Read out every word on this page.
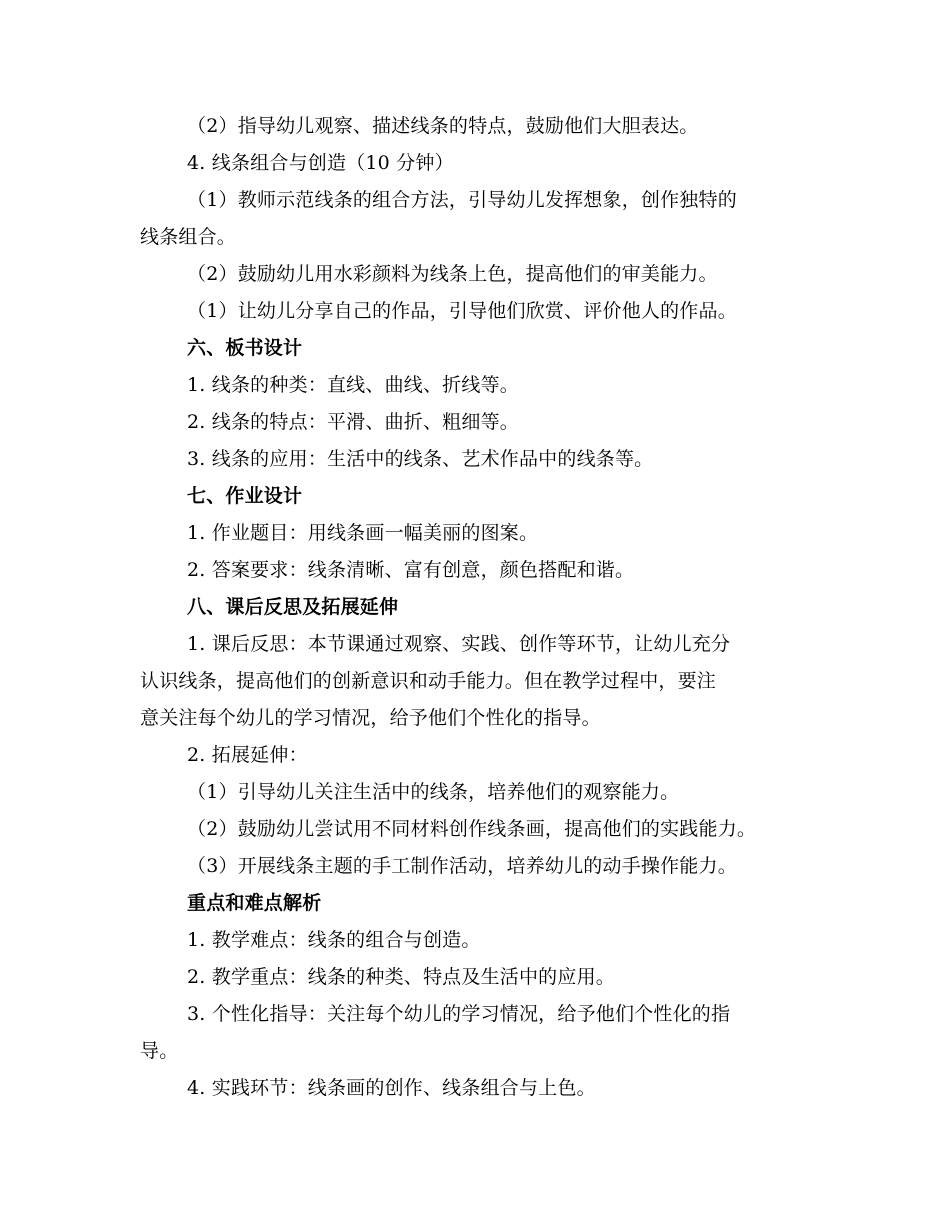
（2）指导幼儿观察、描述线条的特点，鼓励他们大胆表达。
4. 线条组合与创造（10 分钟）
（1）教师示范线条的组合方法，引导幼儿发挥想象，创作独特的
线条组合。
（2）鼓励幼儿用水彩颜料为线条上色，提高他们的审美能力。
（1）让幼儿分享自己的作品，引导他们欣赏、评价他人的作品。
六、板书设计
1. 线条的种类：直线、曲线、折线等。
2. 线条的特点：平滑、曲折、粗细等。
3. 线条的应用：生活中的线条、艺术作品中的线条等。
七、作业设计
1. 作业题目：用线条画一幅美丽的图案。
2. 答案要求：线条清晰、富有创意，颜色搭配和谐。
八、课后反思及拓展延伸
1. 课后反思：本节课通过观察、实践、创作等环节，让幼儿充分
认识线条，提高他们的创新意识和动手能力。但在教学过程中，要注
意关注每个幼儿的学习情况，给予他们个性化的指导。
2. 拓展延伸：
（1）引导幼儿关注生活中的线条，培养他们的观察能力。
（2）鼓励幼儿尝试用不同材料创作线条画，提高他们的实践能力。
（3）开展线条主题的手工制作活动，培养幼儿的动手操作能力。
重点和难点解析
1. 教学难点：线条的组合与创造。
2. 教学重点：线条的种类、特点及生活中的应用。
3. 个性化指导：关注每个幼儿的学习情况，给予他们个性化的指
导。
4. 实践环节：线条画的创作、线条组合与上色。
